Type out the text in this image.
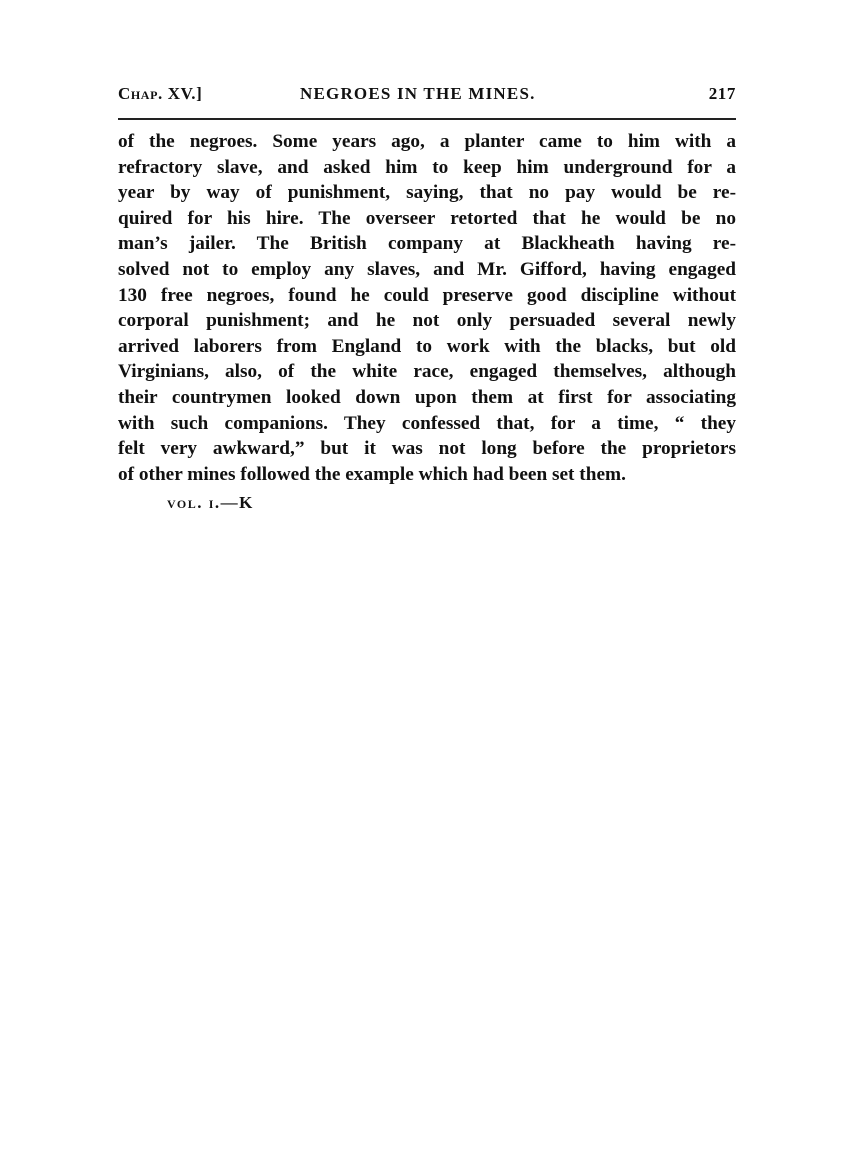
Chap. XV.]	NEGROES IN THE MINES.	217
of the negroes. Some years ago, a planter came to him with a
refractory slave, and asked him to keep him underground for a
year by way of punishment, saying, that no pay would be re-
quired for his hire. The overseer retorted that he would be no
man’s jailer. The British company at Blackheath having re-
solved not to employ any slaves, and Mr. Gifford, having engaged
130 free negroes, found he could preserve good discipline without
corporal punishment; and he not only persuaded several newly
arrived laborers from England to work with the blacks, but old
Virginians, also, of the white race, engaged themselves, although
their countrymen looked down upon them at first for associating
with such companions. They confessed that, for a time, “ they
felt very awkward,” but it was not long before the proprietors
of other mines followed the example which had been set them.
vol. i.—K
